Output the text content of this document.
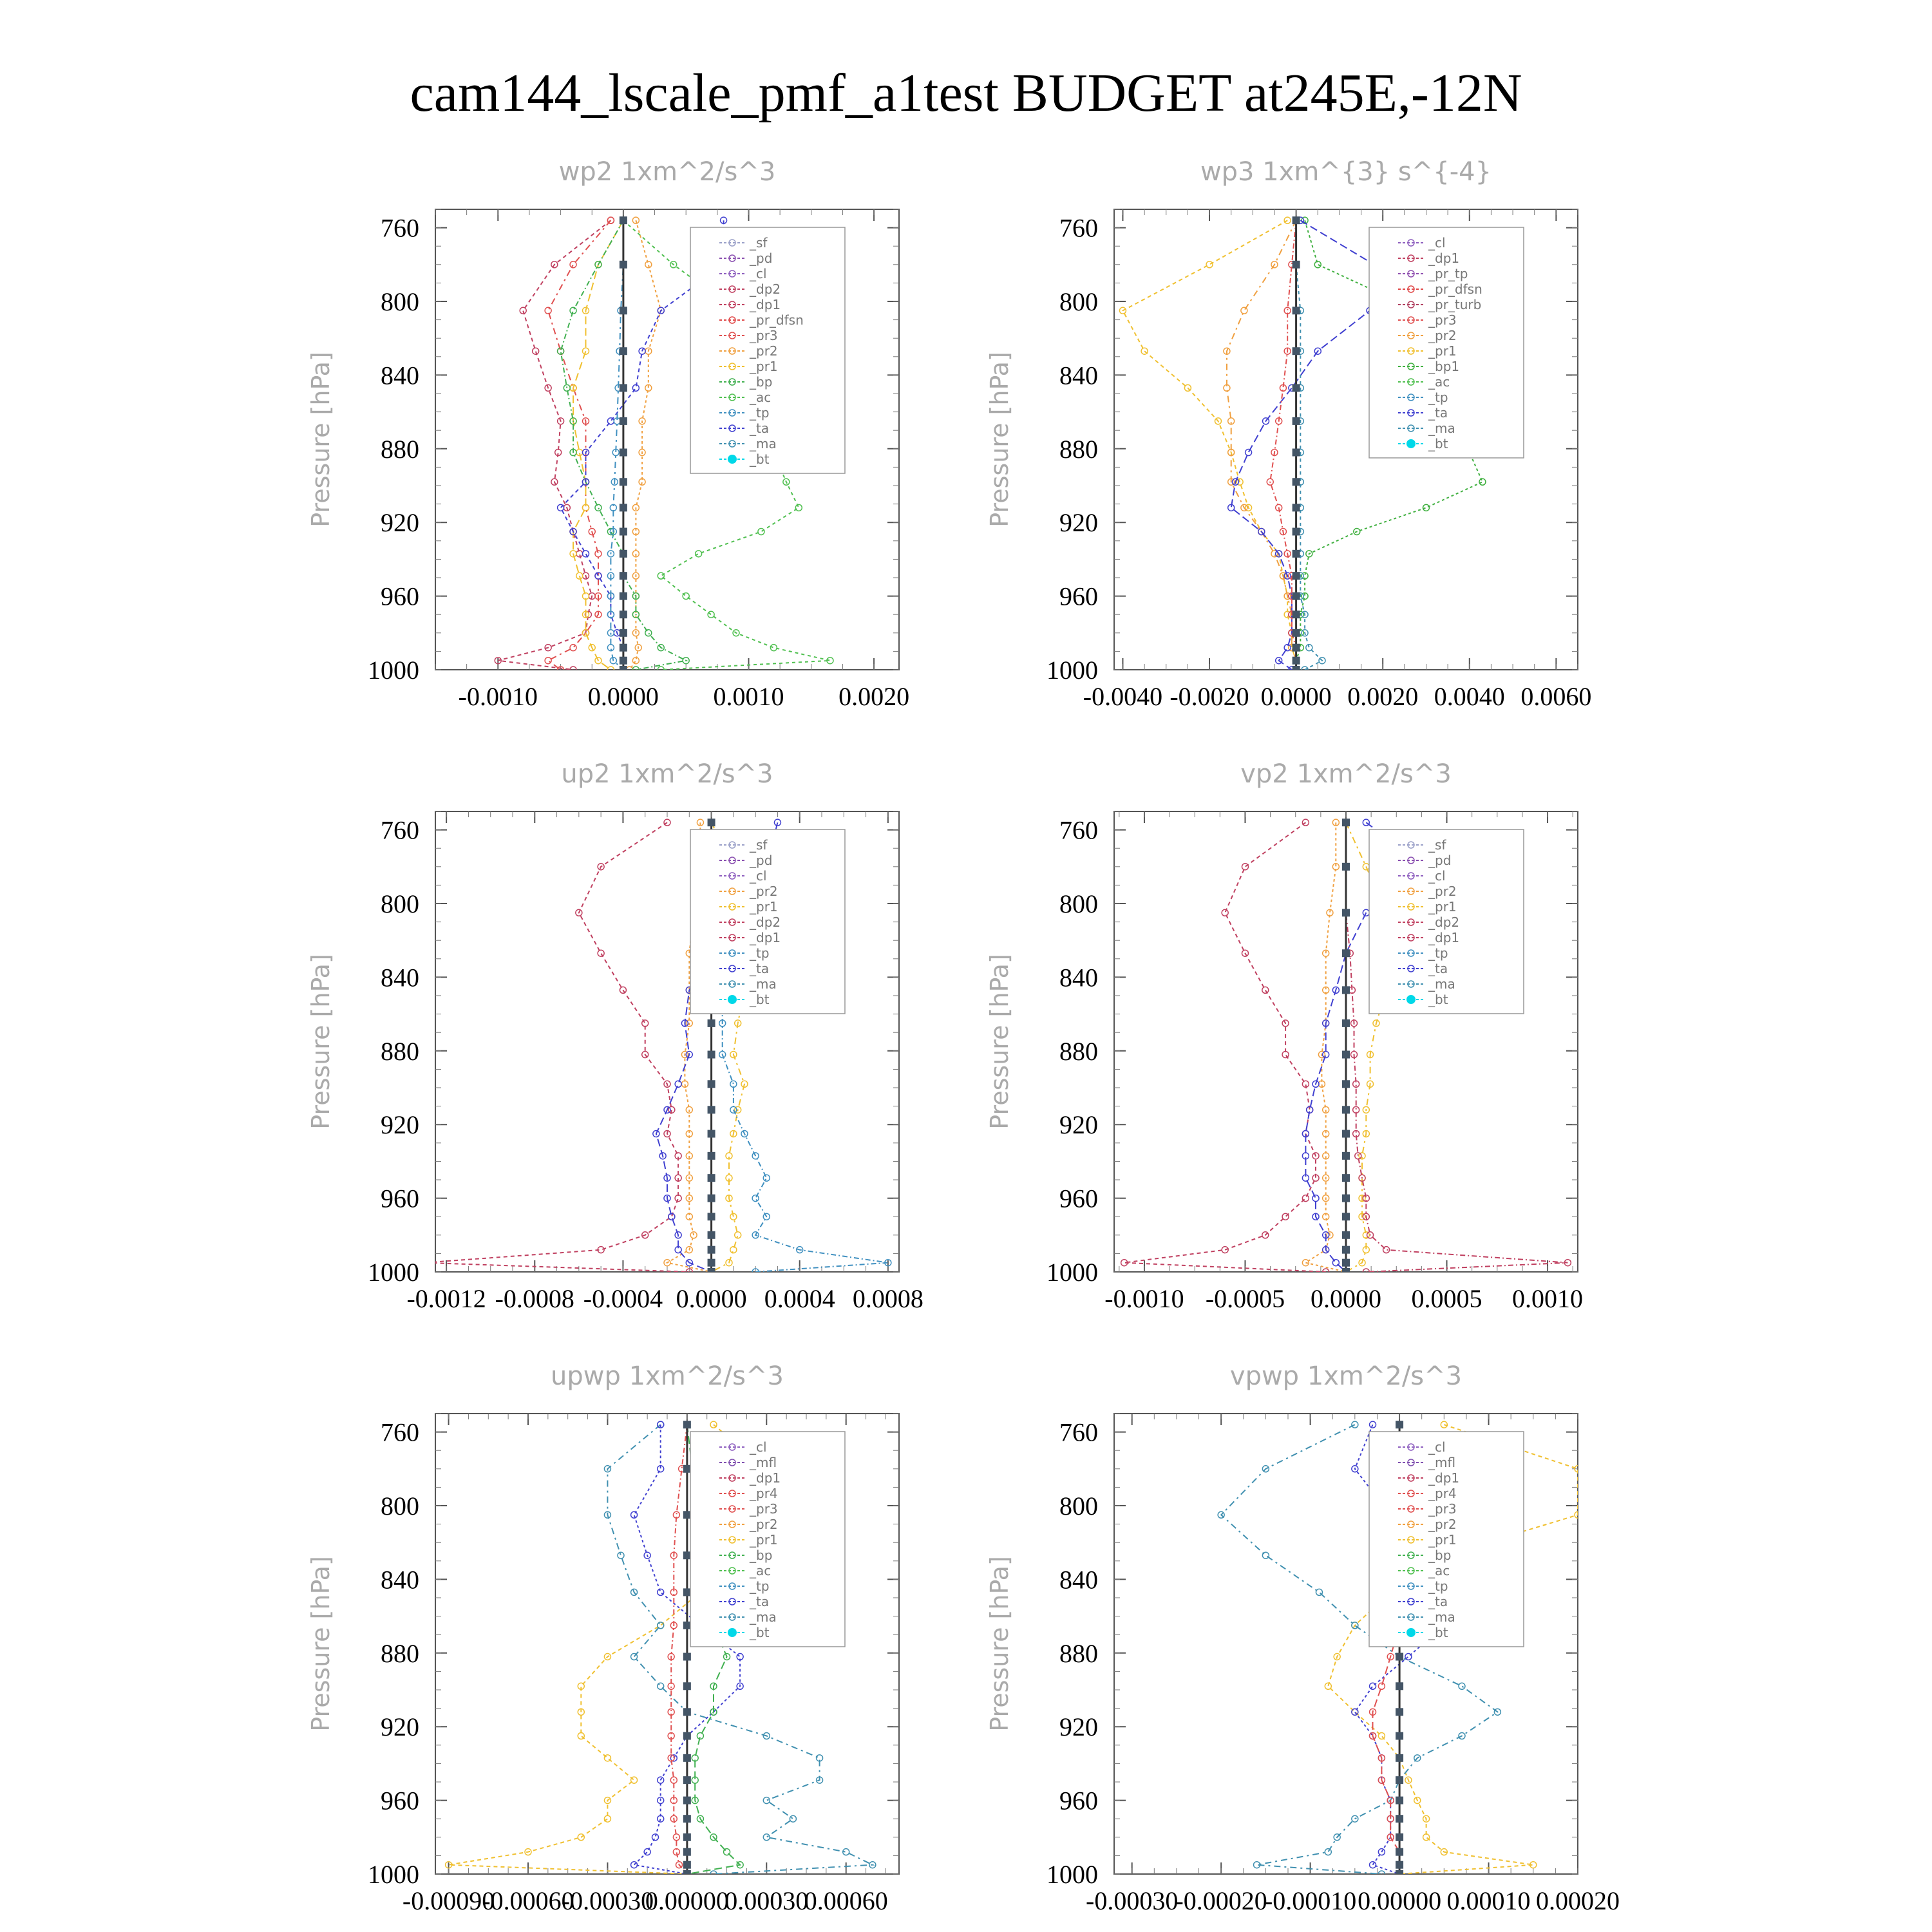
cam144_lscale_pmf_a1test BUDGET at245E,-12N
wp2 1xm^2/s^3
Pressure [hPa]
760
800
840
880
920
960
1000
-0.0010 0.0000 0.0010 0.0020
_sf
_pd
_cl
_dp2
_dp1
_pr_dfsn
_pr3
_pr2
_pr1
_bp
_ac
_tp
_ta
_ma
_bt
wp3 1xm^{3} s^{-4}
Pressure [hPa]
760
800
840
880
920
960
1000
-0.0040 -0.0020 0.0000 0.0020 0.0040 0.0060
_cl
_dp1
_pr_tp
_pr_dfsn
_pr_turb
_pr3
_pr2
_pr1
_bp1
_ac
_tp
_ta
_ma
_bt
up2 1xm^2/s^3
Pressure [hPa]
760
800
840
880
920
960
1000
-0.0012 -0.0008 -0.0004 0.0000 0.0004 0.0008
_sf
_pd
_cl
_pr2
_pr1
_dp2
_dp1
_tp
_ta
_ma
_bt
vp2 1xm^2/s^3
Pressure [hPa]
760
800
840
880
920
960
1000
-0.0010 -0.0005 0.0000 0.0005 0.0010
_sf
_pd
_cl
_pr2
_pr1
_dp2
_dp1
_tp
_ta
_ma
_bt
upwp 1xm^2/s^3
Pressure [hPa]
760
800
840
880
920
960
1000
-0.00090
-0.00060
-0.00030
0.00000
0.00030
0.00060
_cl
_mfl
_dp1
_pr4
_pr3
_pr2
_pr1
_bp
_ac
_tp
_ta
_ma
_bt
vpwp 1xm^2/s^3
Pressure [hPa]
760
800
840
880
920
960
1000
-0.00030
-0.00020
-0.00010 0.00000 0.00010 0.00020
_cl
_mfl
_dp1
_pr4
_pr3
_pr2
_pr1
_bp
_ac
_tp
_ta
_ma
_bt
